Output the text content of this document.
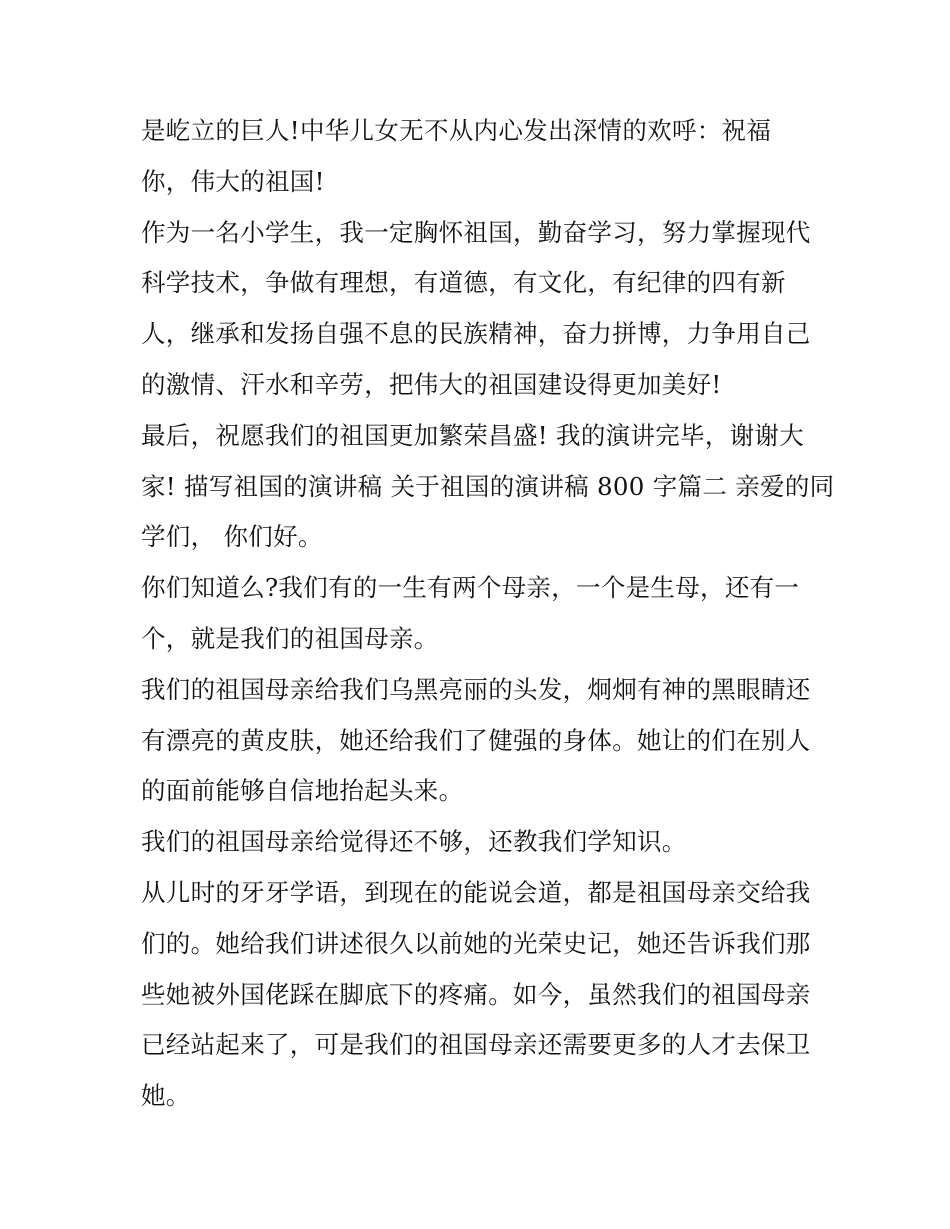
是屹立的巨人!中华儿女无不从内心发出深情的欢呼：祝福
你，伟大的祖国!
作为一名小学生，我一定胸怀祖国，勤奋学习，努力掌握现代
科学技术，争做有理想，有道德，有文化，有纪律的四有新
人，继承和发扬自强不息的民族精神，奋力拼博，力争用自己
的激情、汗水和辛劳，把伟大的祖国建设得更加美好!
最后，祝愿我们的祖国更加繁荣昌盛! 我的演讲完毕，谢谢大
家! 描写祖国的演讲稿 关于祖国的演讲稿 800 字篇二 亲爱的同
学们， 你们好。
你们知道么?我们有的一生有两个母亲，一个是生母，还有一
个，就是我们的祖国母亲。
我们的祖国母亲给我们乌黑亮丽的头发，炯炯有神的黑眼睛还
有漂亮的黄皮肤，她还给我们了健强的身体。她让的们在别人
的面前能够自信地抬起头来。
我们的祖国母亲给觉得还不够，还教我们学知识。
从儿时的牙牙学语，到现在的能说会道，都是祖国母亲交给我
们的。她给我们讲述很久以前她的光荣史记，她还告诉我们那
些她被外国佬踩在脚底下的疼痛。如今，虽然我们的祖国母亲
已经站起来了，可是我们的祖国母亲还需要更多的人才去保卫
她。
